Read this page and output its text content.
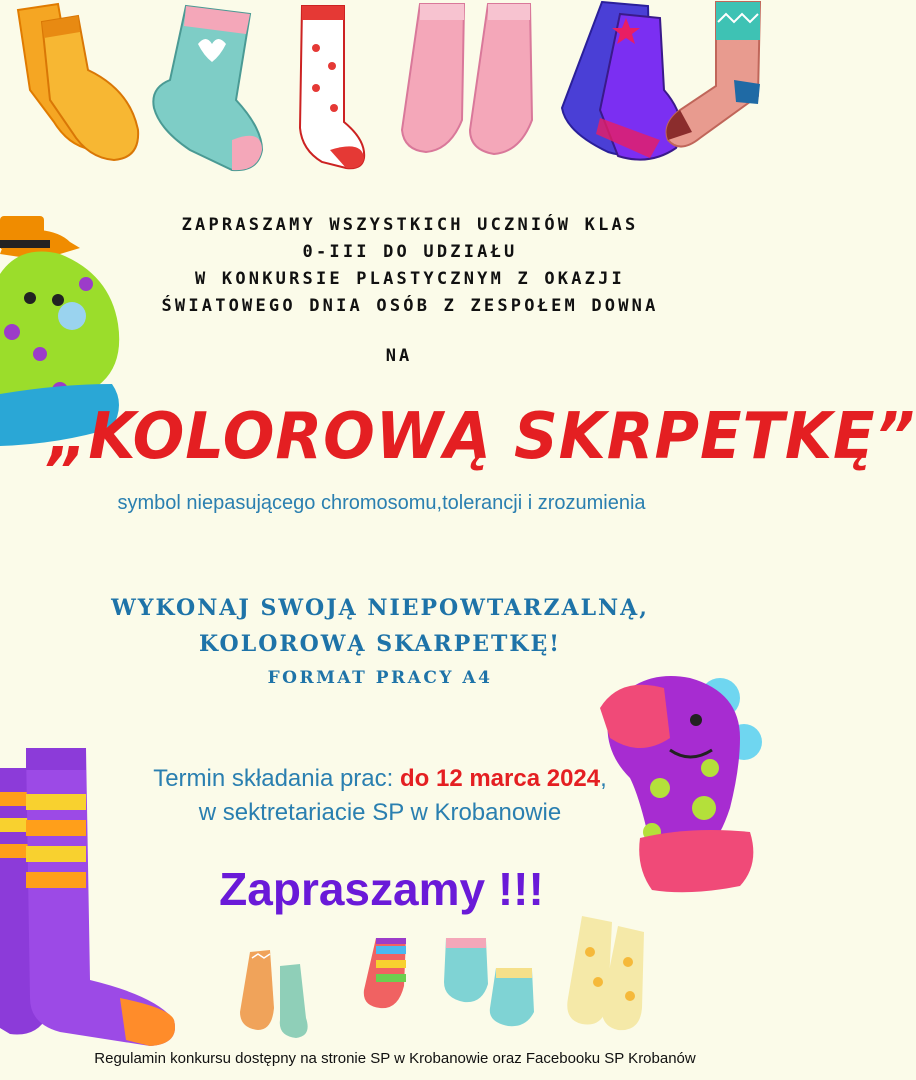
ZAPRASZAMY WSZYSTKICH UCZNIÓW KLAS
0-III DO UDZIAŁU
W KONKURSIE PLASTYCZNYM Z OKAZJI
ŚWIATOWEGO DNIA OSÓB Z ZESPOŁEM DOWNA
NA
„KOLOROWĄ SKRPETKĘ”
symbol niepasującego chromosomu,tolerancji i zrozumienia
WYKONAJ SWOJĄ NIEPOWTARZALNĄ,
KOLOROWĄ SKARPETKĘ!
FORMAT PRACY A4
Termin składania prac: do 12 marca 2024,
w sektretariacie SP w Krobanowie
Zapraszamy !!!
Regulamin konkursu dostępny na stronie SP w Krobanowie oraz Facebooku SP Krobanów
